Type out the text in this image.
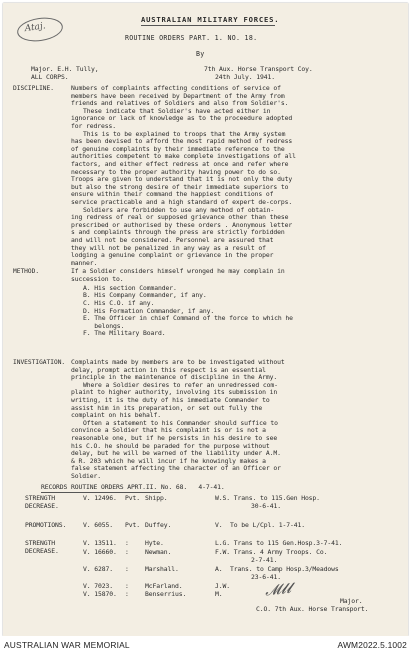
Ataj.

AUSTRALIAN MILITARY FORCES.

ROUTINE ORDERS PART. 1. NO. 18.

By

Major. E.H. Tully,

ALL CORPS.

7th Aux. Horse Transport Coy.

24th July. 1941.

DISCIPLINE.	Numbers of complaints affecting conditions of service of

members have been received by Department of the Army from

friends and relatives of Soldiers and also from Soldier's.

These indicate that Soldier's have acted either in

ignorance or lack of knowledge as to the proceedure adopted

for redress.

This is to be explained to troops that the Army system

has been devised to afford the most rapid method of redress

of genuine complaints by their immediate reference to the

authorities competent to make complete investigations of all

factors, and either effect redress at once and refer where

necessary to the proper authority having power to do so.

Troops are given to understand that it is not only the duty

but also the strong desire of their immediate superiors to

ensure within their command the happiest conditions of

service practicable and a high standard of expert de-corps.

Soldiers are forbidden to use any method of obtain-

ing redress of real or supposed grievance other than these

prescribed or authorised by these orders . Anonymous letter

s and complaints through the press are strictly forbidden

and will not be considered. Personnel are assured that

they will not be penalized in any way as a result of

lodging a genuine complaint or grievance in the proper

manner.

METHOD.	If a Soldier considers himself wronged he may complain in

succession to.

A. His section Commander.

B. His Company Commander, if any.

C. His C.O. if any.

D. His Formation Commander, if any.

E. The Officer in chief Command of the force to which he

belongs.

F. The Military Board.

INVESTIGATION. Complaints made by members are to be investigated without

delay, prompt action in this respect is an essential

principle in the maintenance of discipline in the Army.

Where a Soldier desires to refer an unredressed com-

plaint to higher authority, involving its submission in

writing, it is the duty of his immediate Commander to

assist him in its preparation, or set out fully the

complaint on his behalf.

Often a statement to his Commander should suffice to

convince a Soldier that his complaint is or is not a

reasonable one, but if he persists in his desire to see

his C.O. he should be paraded for the purpose without

delay, but he will be warned of the liability under A.M.

& R. 203 which he will incur if he knowingly makes a

false statement affecting the character of an Officer or

Soldier.

RECORDS ROUTINE ORDERS APRT.II. No. 68.   4-7-41.

STRENGTH

DECREASE.

V. 12496. Pvt. Shipp.	W.S. Trans. to 115.Gen Hosp.

30-6-41.

PROMOTIONS.	V. 6055. Pvt. Duffey.	V.  To be L/Cpl. 1-7-41.

STRENGTH

DECREASE.

V. 13511. :	Hyte.	L.G. Trans to 115 Gen.Hosp.3-7-41.

V. 16660. :	Newman.	F.W. Trans. 4 Army Troops. Co.

2-7-41.

V. 6287. :	Marshall.	A.  Trans. to Camp Hosp.3/Meadows

23-6-41.

V. 7023. :	McFarland.	J.W.

V. 15870. :	Benserrius.	M.	𝓜𝓵𝓵

Major.

C.O. 7th Aux. Horse Transport.

AUSTRALIAN WAR MEMORIAL	AWM2022.5.1002
